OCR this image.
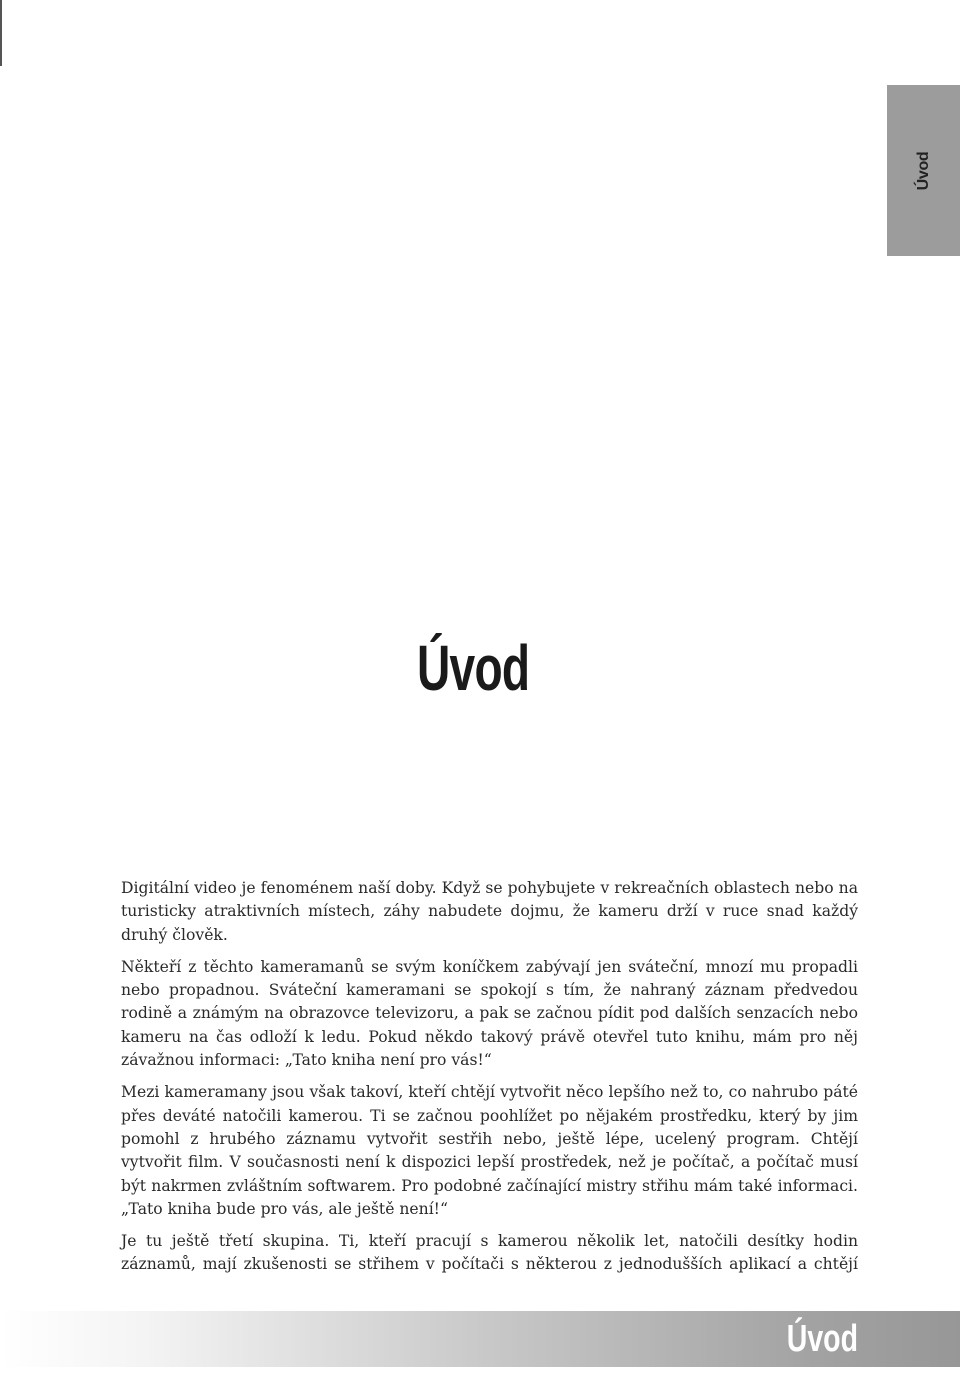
Úvod
Úvod

Digitální video je fenoménem naší doby. Když se pohybujete v rekreačních oblastech nebo na turisticky atraktivních místech, záhy nabudete dojmu, že kameru drží v ruce snad každý druhý člověk.

Někteří z těchto kameramanů se svým koníčkem zabývají jen sváteční, mnozí mu propadli nebo propadnou. Sváteční kameramani se spokojí s tím, že nahraný záznam předvedou rodině a známým na obrazovce televizoru, a pak se začnou pídit pod dalších senzacích nebo kameru na čas odloží k ledu. Pokud někdo takový právě otevřel tuto knihu, mám pro něj závažnou informaci: „Tato kniha není pro vás!“

Mezi kameramany jsou však takoví, kteří chtějí vytvořit něco lepšího než to, co nahrubo páté přes deváté natočili kamerou. Ti se začnou poohlížet po nějakém prostředku, který by jim pomohl z hrubého záznamu vytvořit sestřih nebo, ještě lépe, ucelený program. Chtějí vytvořit film. V současnosti není k dispozici lepší prostředek, než je počítač, a počítač musí být nakrmen zvláštním softwarem. Pro podobné začínající mistry střihu mám také informaci. „Tato kniha bude pro vás, ale ještě není!“

Je tu ještě třetí skupina. Ti, kteří pracují s kamerou několik let, natočili desítky hodin záznamů, mají zkušenosti se střihem v počítači s některou z jednodušších aplikací a chtějí

Úvod
